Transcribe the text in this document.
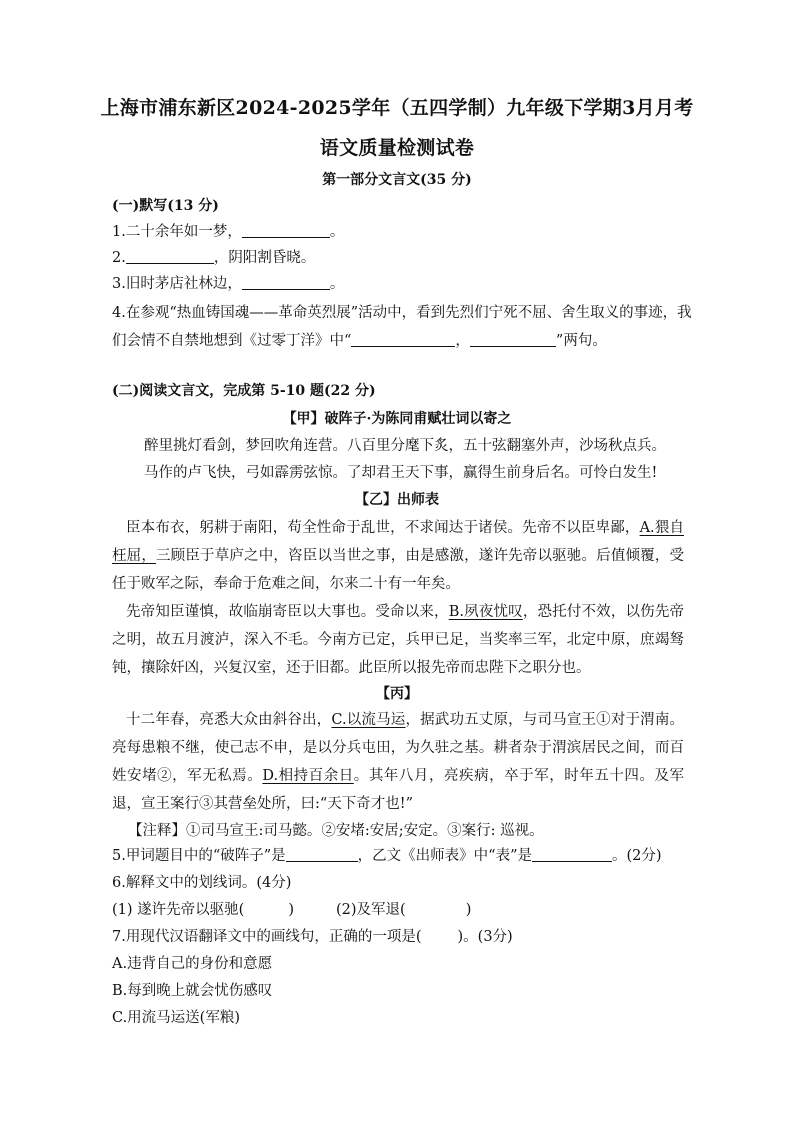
上海市浦东新区2024-2025学年（五四学制）九年级下学期3月月考
语文质量检测试卷
第一部分文言文(35 分)
(一)默写(13 分)
1.二十余年如一梦，	。
2.	，阴阳割昏晓。
3.旧时茅店社林边，	。
4.在参观“热血铸国魂——革命英烈展”活动中，看到先烈们宁死不屈、舍生取义的事迹，我
们会情不自禁地想到《过零丁洋》中“	，	”两句。
(二)阅读文言文，完成第 5-10 题(22 分)
【甲】破阵子·为陈同甫赋壮词以寄之
醉里挑灯看剑，梦回吹角连营。八百里分麾下炙，五十弦翻塞外声，沙场秋点兵。
马作的卢飞快，弓如霹雳弦惊。了却君王天下事，赢得生前身后名。可怜白发生!
【乙】出师表
臣本布衣，躬耕于南阳，苟全性命于乱世，不求闻达于诸侯。先帝不以臣卑鄙，A.猥自枉屈，三顾臣于草庐之中，咨臣以当世之事，由是感激，遂许先帝以驱驰。后值倾覆，受任于败军之际，奉命于危难之间，尔来二十有一年矣。
先帝知臣谨慎，故临崩寄臣以大事也。受命以来，B.夙夜忧叹，恐托付不效，以伤先帝之明，故五月渡泸，深入不毛。今南方已定，兵甲已足，当奖率三军，北定中原，庶竭驽钝，攘除奸凶，兴复汉室，还于旧都。此臣所以报先帝而忠陛下之职分也。
【丙】
十二年春，亮悉大众由斜谷出，C.以流马运，据武功五丈原，与司马宣王①对于渭南。亮每患粮不继，使己志不申，是以分兵屯田，为久驻之基。耕者杂于渭滨居民之间，而百姓安堵②，军无私焉。D.相持百余日。其年八月，亮疾病，卒于军，时年五十四。及军退，宣王案行③其营垒处所，曰:“天下奇才也!”
【注释】①司马宣王:司马懿。②安堵:安居;安定。③案行: 巡视。
5.甲词题目中的“破阵子”是	，乙文《出师表》中“表”是	。(2分)
6.解释文中的划线词。(4分)
(1) 遂许先帝以驱驰(	)	(2)及军退(	)
7.用现代汉语翻译文中的画线句，正确的一项是( )。(3分)
A.违背自己的身份和意愿
B.每到晚上就会忧伤感叹
C.用流马运送(军粮)
